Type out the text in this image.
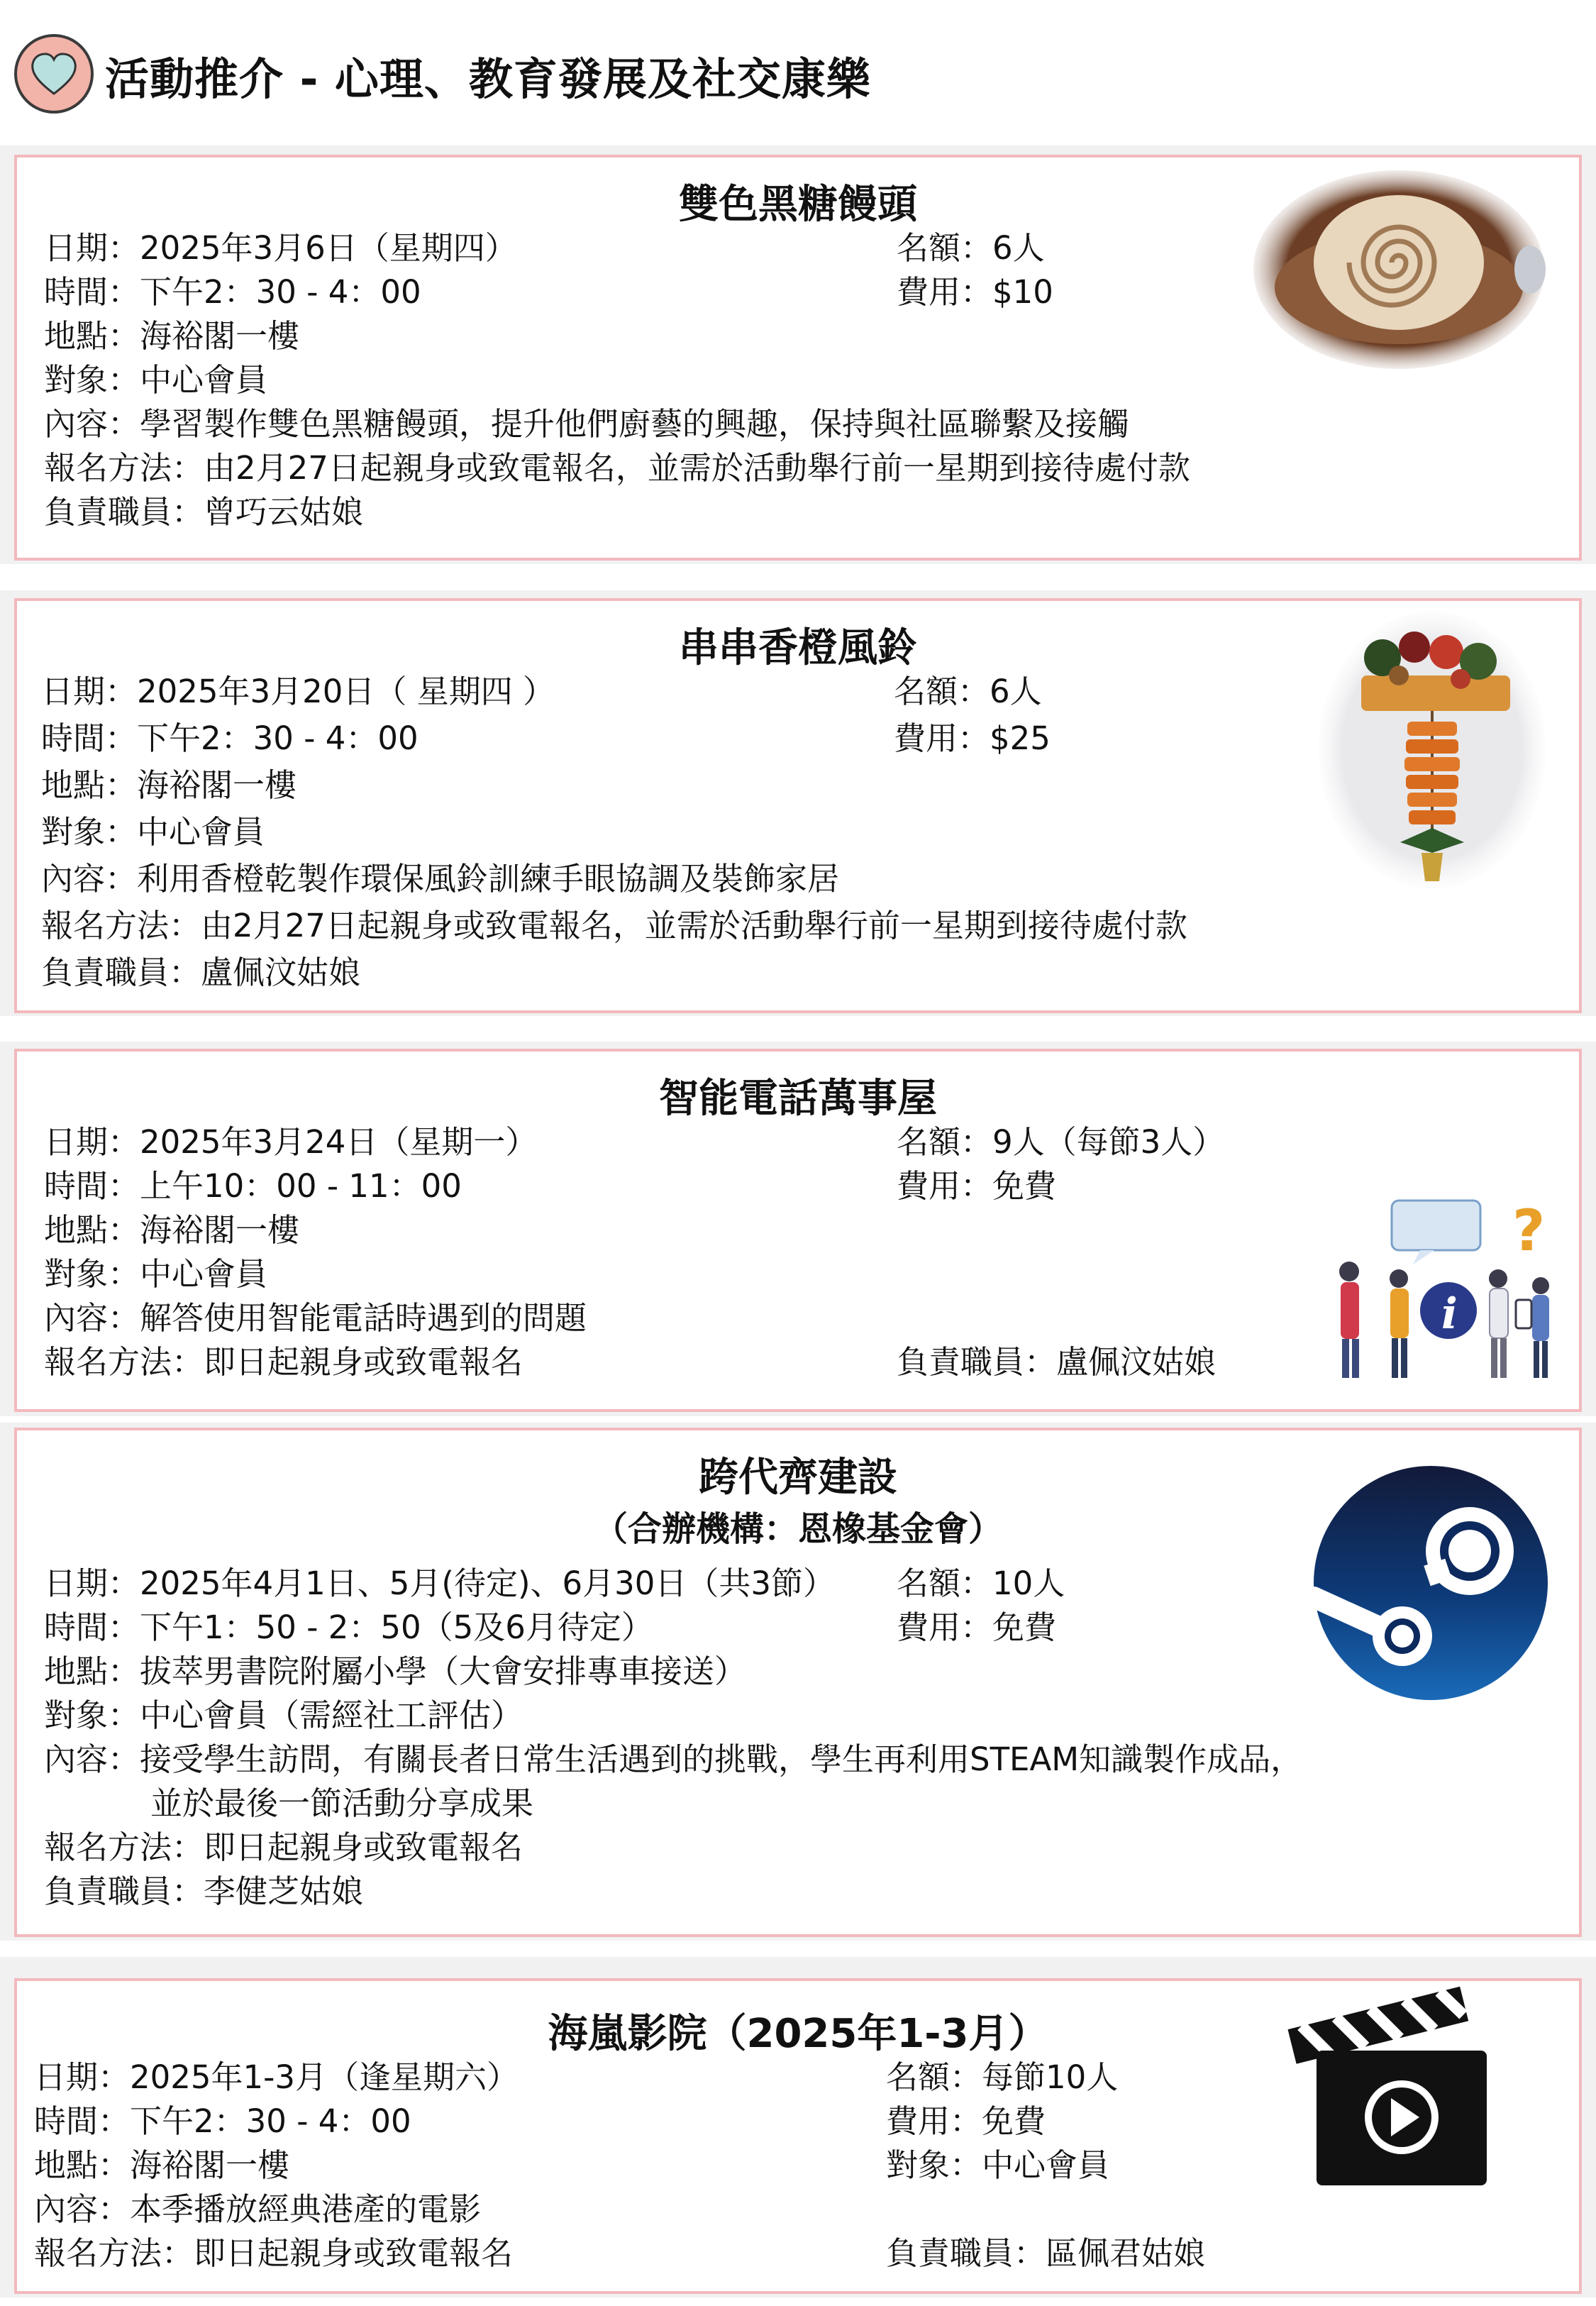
活動推介 - 心理、教育發展及社交康樂
雙色黑糖饅頭
日期：2025年3月6日（星期四）
時間：下午2：30 - 4：00
地點：海裕閣一樓
對象：中心會員
內容：學習製作雙色黑糖饅頭，提升他們廚藝的興趣，保持與社區聯繫及接觸
報名方法：由2月27日起親身或致電報名，並需於活動舉行前一星期到接待處付款
負責職員：曾巧云姑娘
名額：6人
費用：$10
串串香橙風鈴
日期：2025年3月20日（ 星期四 ）
時間：下午2：30 - 4：00
地點：海裕閣一樓
對象：中心會員
內容：利用香橙乾製作環保風鈴訓練手眼協調及裝飾家居
報名方法：由2月27日起親身或致電報名，並需於活動舉行前一星期到接待處付款
負責職員：盧佩汶姑娘
名額：6人
費用：$25
智能電話萬事屋
日期：2025年3月24日（星期一）
時間：上午10：00 - 11：00
地點：海裕閣一樓
對象：中心會員
內容：解答使用智能電話時遇到的問題
報名方法：即日起親身或致電報名
名額：9人（每節3人）
費用：免費
負責職員：盧佩汶姑娘
?
i
跨代齊建設
（合辦機構：恩橡基金會）
日期：2025年4月1日、5月(待定)、6月30日（共3節）
時間：下午1：50 - 2：50（5及6月待定）
地點：拔萃男書院附屬小學（大會安排專車接送）
對象：中心會員（需經社工評估）
內容：接受學生訪問，有關長者日常生活遇到的挑戰，學生再利用STEAM知識製作成品，
並於最後一節活動分享成果
報名方法：即日起親身或致電報名
負責職員：李健芝姑娘
名額：10人
費用：免費
海嵐影院（2025年1-3月）
日期：2025年1-3月（逢星期六）
時間：下午2：30 - 4：00
地點：海裕閣一樓
內容：本季播放經典港產的電影
報名方法：即日起親身或致電報名
名額：每節10人
費用：免費
對象：中心會員
負責職員：區佩君姑娘
